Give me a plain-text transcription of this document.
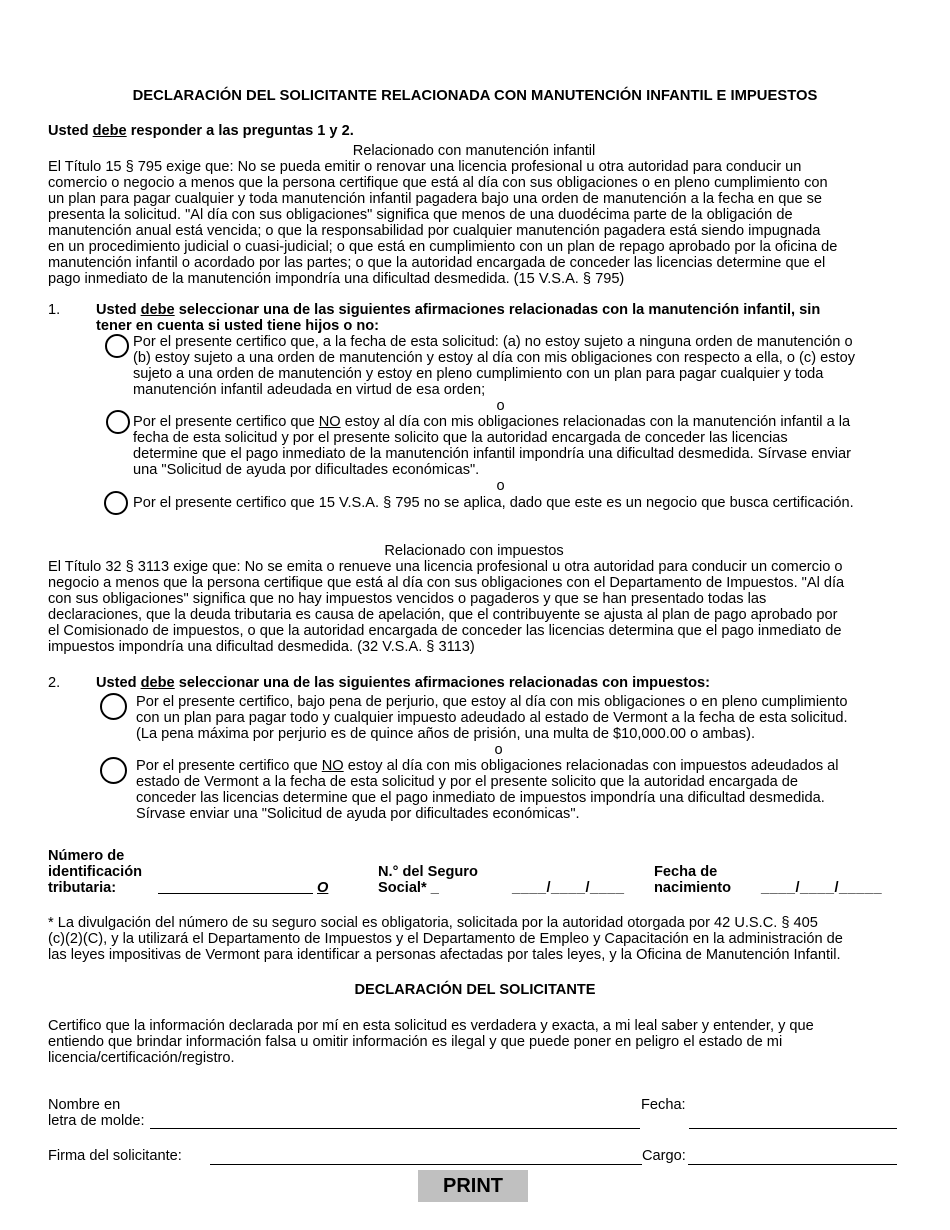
DECLARACIÓN DEL SOLICITANTE RELACIONADA CON MANUTENCIÓN INFANTIL E IMPUESTOS
Usted debe responder a las preguntas 1 y 2.
Relacionado con manutención infantil
El Título 15 § 795 exige que: No se pueda emitir o renovar una licencia profesional u otra autoridad para conducir un
comercio o negocio a menos que la persona certifique que está al día con sus obligaciones o en pleno cumplimiento con
un plan para pagar cualquier y toda manutención infantil pagadera bajo una orden de manutención a la fecha en que se
presenta la solicitud. "Al día con sus obligaciones" significa que menos de una duodécima parte de la obligación de
manutención anual está vencida; o que la responsabilidad por cualquier manutención pagadera está siendo impugnada
en un procedimiento judicial o cuasi-judicial; o que está en cumplimiento con un plan de repago aprobado por la oficina de
manutención infantil o acordado por las partes; o que la autoridad encargada de conceder las licencias determine que el
pago inmediato de la manutención impondría una dificultad desmedida. (15 V.S.A. § 795)
1. Usted debe seleccionar una de las siguientes afirmaciones relacionadas con la manutención infantil, sin
tener en cuenta si usted tiene hijos o no:
Por el presente certifico que, a la fecha de esta solicitud: (a) no estoy sujeto a ninguna orden de manutención o
(b) estoy sujeto a una orden de manutención y estoy al día con mis obligaciones con respecto a ella, o (c) estoy
sujeto a una orden de manutención y estoy en pleno cumplimiento con un plan para pagar cualquier y toda
manutención infantil adeudada en virtud de esa orden;
o
Por el presente certifico que NO estoy al día con mis obligaciones relacionadas con la manutención infantil a la
fecha de esta solicitud y por el presente solicito que la autoridad encargada de conceder las licencias
determine que el pago inmediato de la manutención infantil impondría una dificultad desmedida. Sírvase enviar
una "Solicitud de ayuda por dificultades económicas".
o
Por el presente certifico que 15 V.S.A. § 795 no se aplica, dado que este es un negocio que busca certificación.
Relacionado con impuestos
El Título 32 § 3113 exige que: No se emita o renueve una licencia profesional u otra autoridad para conducir un comercio o
negocio a menos que la persona certifique que está al día con sus obligaciones con el Departamento de Impuestos. "Al día
con sus obligaciones" significa que no hay impuestos vencidos o pagaderos y que se han presentado todas las
declaraciones, que la deuda tributaria es causa de apelación, que el contribuyente se ajusta al plan de pago aprobado por
el Comisionado de impuestos, o que la autoridad encargada de conceder las licencias determina que el pago inmediato de
impuestos impondría una dificultad desmedida. (32 V.S.A. § 3113)
2. Usted debe seleccionar una de las siguientes afirmaciones relacionadas con impuestos:
Por el presente certifico, bajo pena de perjurio, que estoy al día con mis obligaciones o en pleno cumplimiento
con un plan para pagar todo y cualquier impuesto adeudado al estado de Vermont a la fecha de esta solicitud.
(La pena máxima por perjurio es de quince años de prisión, una multa de $10,000.00 o ambas).
o
Por el presente certifico que NO estoy al día con mis obligaciones relacionadas con impuestos adeudados al
estado de Vermont a la fecha de esta solicitud y por el presente solicito que la autoridad encargada de
conceder las licencias determine que el pago inmediato de impuestos impondría una dificultad desmedida.
Sírvase enviar una "Solicitud de ayuda por dificultades económicas".
Número de
identificación
tributaria:	O
N.° del Seguro
Social* _	____/____/____
Fecha de
nacimiento ____/____/_____
* La divulgación del número de su seguro social es obligatoria, solicitada por la autoridad otorgada por 42 U.S.C. § 405
(c)(2)(C), y la utilizará el Departamento de Impuestos y el Departamento de Empleo y Capacitación en la administración de
las leyes impositivas de Vermont para identificar a personas afectadas por tales leyes, y la Oficina de Manutención Infantil.
DECLARACIÓN DEL SOLICITANTE
Certifico que la información declarada por mí en esta solicitud es verdadera y exacta, a mi leal saber y entender, y que
entiendo que brindar información falsa u omitir información es ilegal y que puede poner en peligro el estado de mi
licencia/certificación/registro.
Nombre en
letra de molde:
Fecha:
Firma del solicitante:	Cargo:
PRINT
